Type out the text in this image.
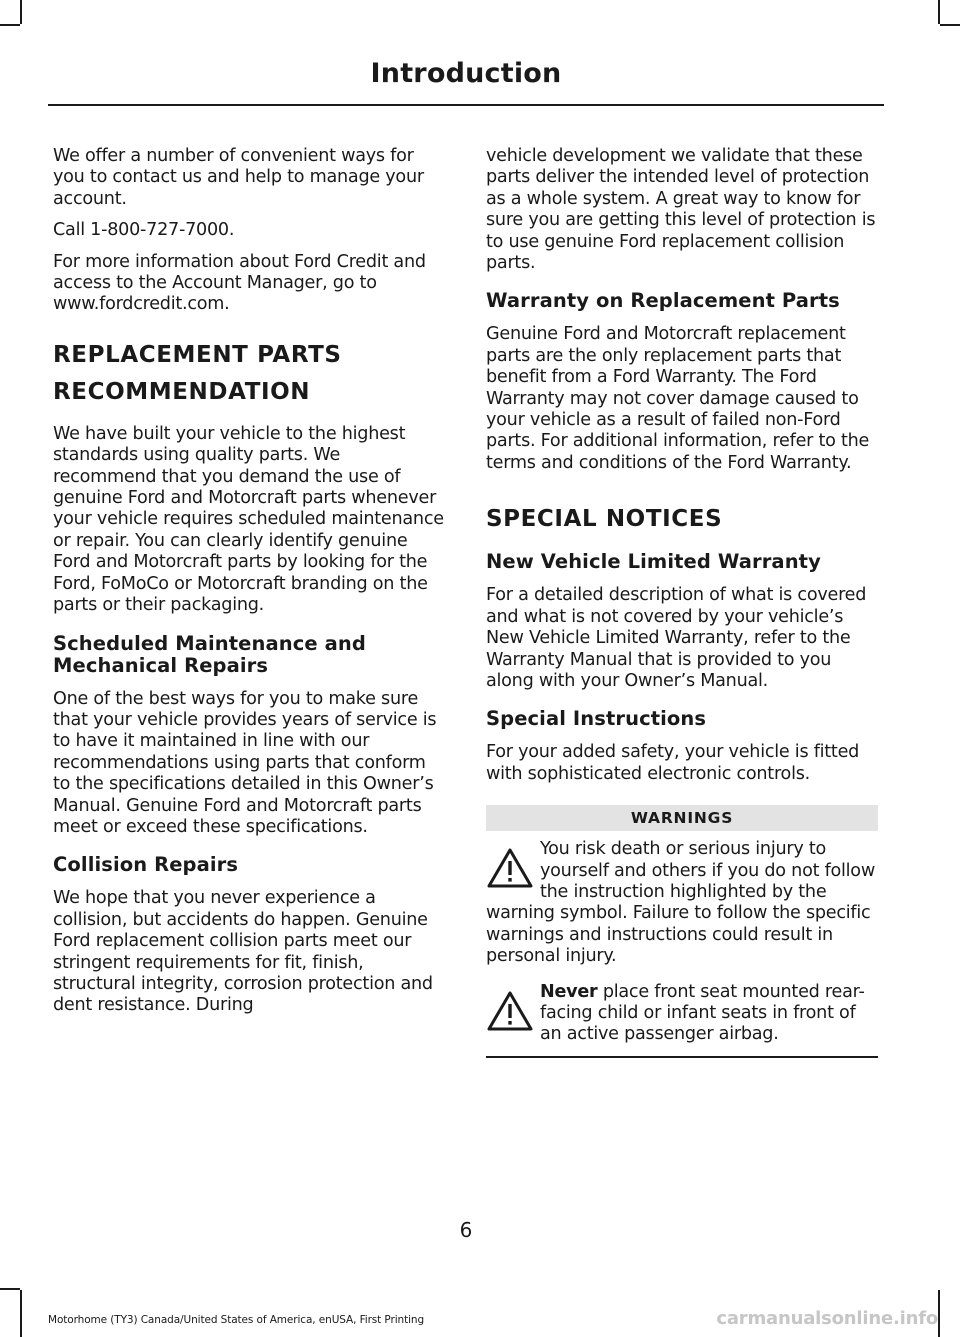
Introduction

We offer a number of convenient ways for you to contact us and help to manage your account.

Call 1-800-727-7000.

For more information about Ford Credit and access to the Account Manager, go to www.fordcredit.com.

REPLACEMENT PARTS
RECOMMENDATION

We have built your vehicle to the highest standards using quality parts. We recommend that you demand the use of genuine Ford and Motorcraft parts whenever your vehicle requires scheduled maintenance or repair. You can clearly identify genuine Ford and Motorcraft parts by looking for the Ford, FoMoCo or Motorcraft branding on the parts or their packaging.

Scheduled Maintenance and Mechanical Repairs

One of the best ways for you to make sure that your vehicle provides years of service is to have it maintained in line with our recommendations using parts that conform to the specifications detailed in this Owner’s Manual. Genuine Ford and Motorcraft parts meet or exceed these specifications.

Collision Repairs

We hope that you never experience a collision, but accidents do happen. Genuine Ford replacement collision parts meet our stringent requirements for fit, finish, structural integrity, corrosion protection and dent resistance. During

vehicle development we validate that these parts deliver the intended level of protection as a whole system. A great way to know for sure you are getting this level of protection is to use genuine Ford replacement collision parts.

Warranty on Replacement Parts

Genuine Ford and Motorcraft replacement parts are the only replacement parts that benefit from a Ford Warranty. The Ford Warranty may not cover damage caused to your vehicle as a result of failed non-Ford parts. For additional information, refer to the terms and conditions of the Ford Warranty.

SPECIAL NOTICES
New Vehicle Limited Warranty

For a detailed description of what is covered and what is not covered by your vehicle’s New Vehicle Limited Warranty, refer to the Warranty Manual that is provided to you along with your Owner’s Manual.

Special Instructions

For your added safety, your vehicle is fitted with sophisticated electronic controls.

WARNINGS
You risk death or serious injury to yourself and others if you do not follow the instruction highlighted by the warning symbol. Failure to follow the specific warnings and instructions could result in personal injury.
Never place front seat mounted rear-facing child or infant seats in front of an active passenger airbag.
6
Motorhome (TY3) Canada/United States of America, enUSA, First Printing	carmanualsonline.info
